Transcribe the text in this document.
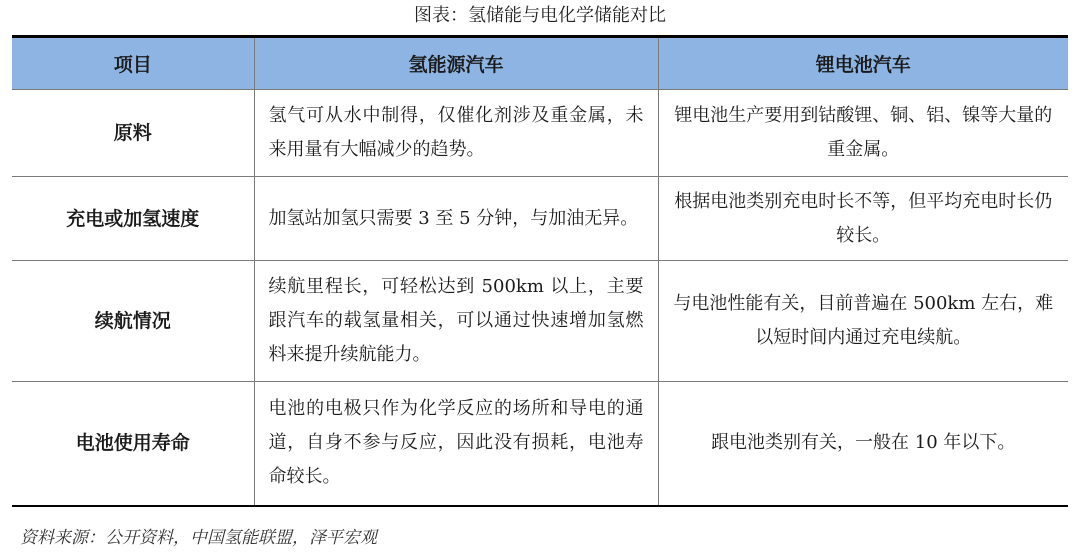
图表：氢储能与电化学储能对比
项目	氢能源汽车	锂电池汽车
原料	氢气可从水中制得，仅催化剂涉及重金属，未来用量有大幅减少的趋势。	锂电池生产要用到钴酸锂、铜、铝、镍等大量的重金属。
充电或加氢速度	加氢站加氢只需要 3 至 5 分钟，与加油无异。	根据电池类别充电时长不等，但平均充电时长仍较长。
续航情况	续航里程长，可轻松达到 500km 以上，主要跟汽车的载氢量相关，可以通过快速增加氢燃料来提升续航能力。	与电池性能有关，目前普遍在 500km 左右，难以短时间内通过充电续航。
电池使用寿命	电池的电极只作为化学反应的场所和导电的通道，自身不参与反应，因此没有损耗，电池寿命较长。	跟电池类别有关，一般在 10 年以下。
资料来源：公开资料，中国氢能联盟，泽平宏观
